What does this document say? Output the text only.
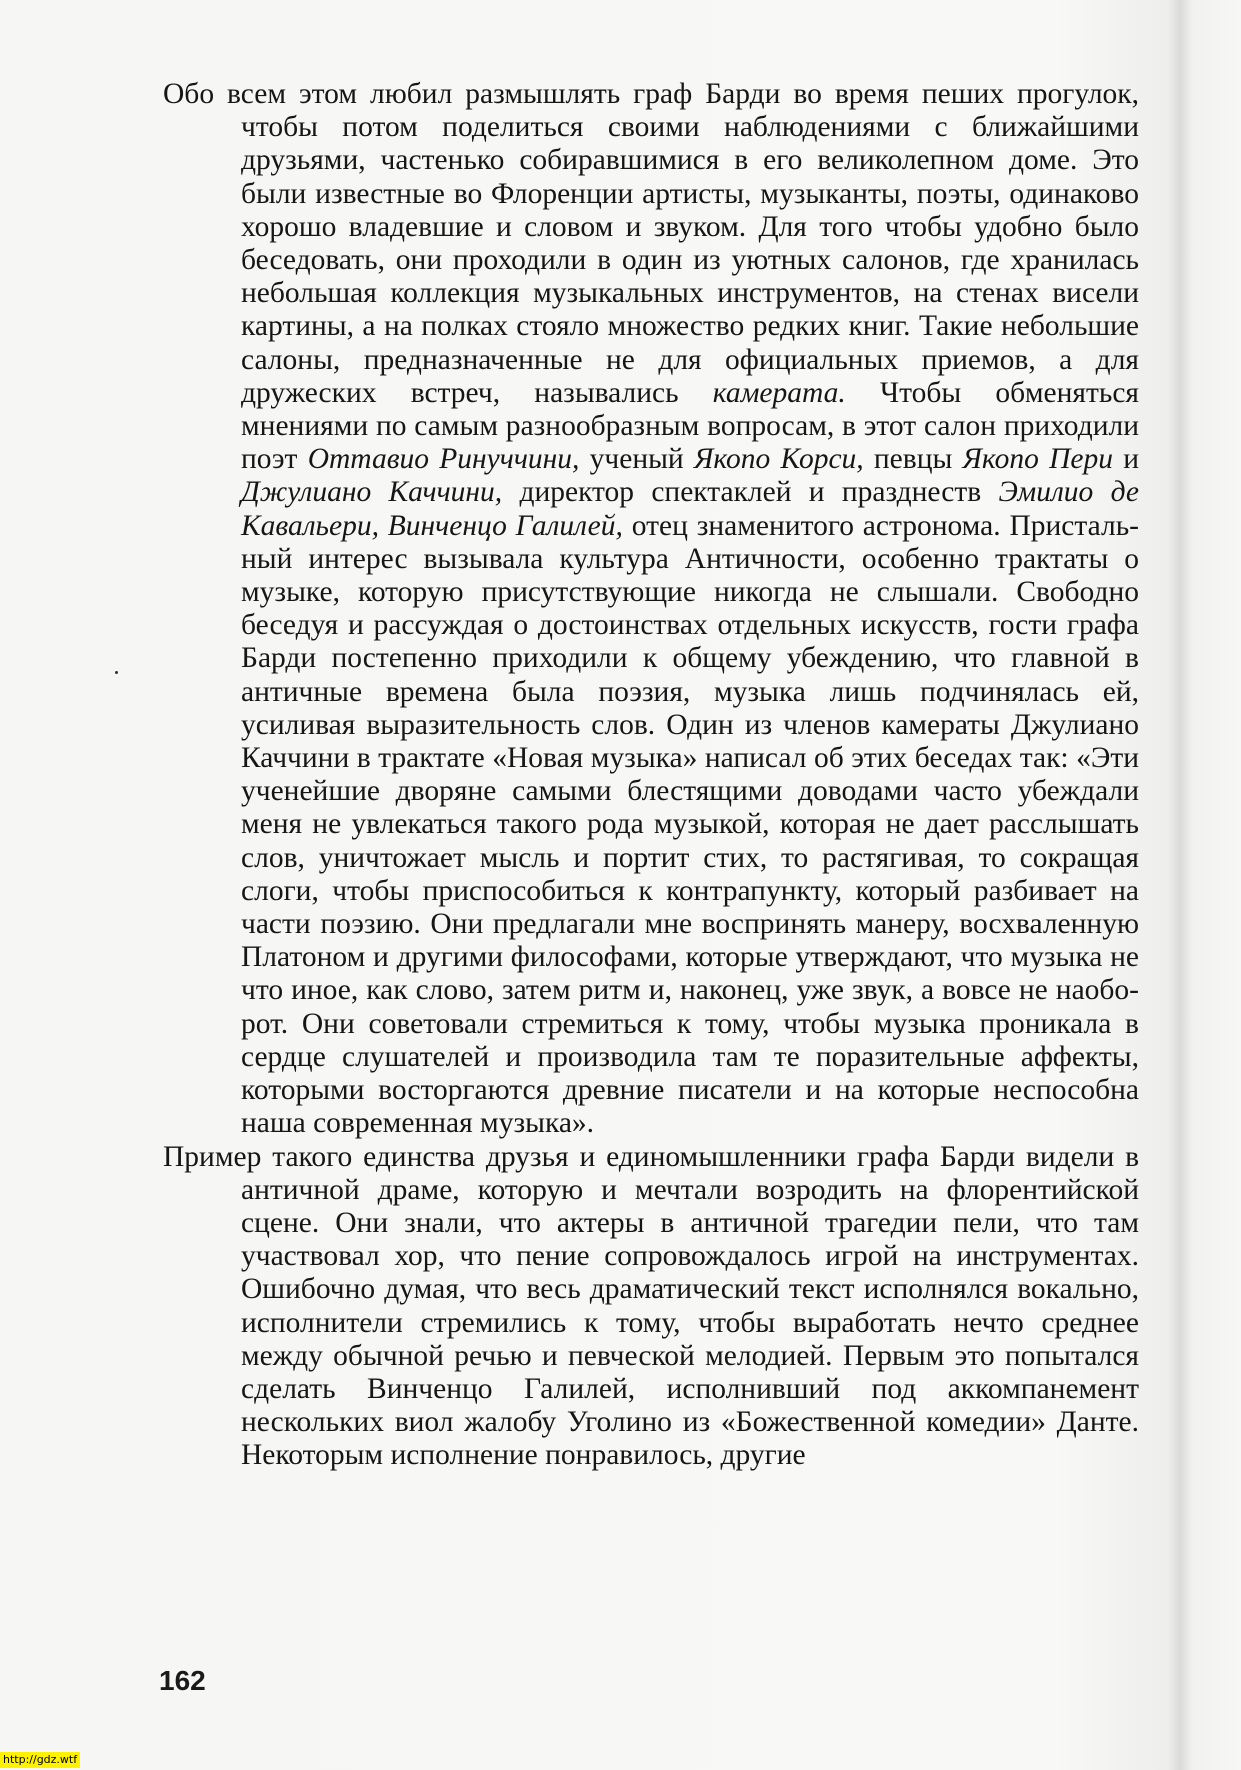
Обо всем этом любил размышлять граф Барди во время пеших прогулок, чтобы потом поделиться своими наблюдениями с ближайшими друзьями, частенько собиравшимися в его великолепном доме. Это были известные во Флоренции артисты, музыканты, поэты, одинаково хорошо владевшие и словом и звуком. Для того чтобы удобно было беседовать, они проходили в один из уютных салонов, где хранилась небольшая коллекция музыкальных инструментов, на стенах висели картины, а на полках стояло множество редких книг. Такие небольшие салоны, предназначенные не для официальных приемов, а для дружеских встреч, назывались камерата. Чтобы обменяться мнениями по самым разнообразным вопросам, в этот салон приходили поэт Оттавио Ринуччини, ученый Якопо Корси, певцы Якопо Пери и Джулиано Каччини, директор спектаклей и празднеств Эмилио де Кавальери, Винченцо Галилей, отец знаменитого астронома. Пристальный интерес вызывала культура Античности, особенно трактаты о музыке, которую присутствующие никогда не слышали. Свободно беседуя и рассуждая о достоинствах отдельных искусств, гости графа Барди постепенно приходили к общему убеждению, что главной в античные времена была поэзия, музыка лишь подчинялась ей, усиливая выразительность слов. Один из членов камераты Джулиано Каччини в трактате «Новая музыка» написал об этих беседах так: «Эти ученейшие дворяне самыми блестящими доводами часто убеждали меня не увлекаться такого рода музыкой, которая не дает расслышать слов, уничтожает мысль и портит стих, то растягивая, то сокращая слоги, чтобы приспособиться к контрапункту, который разбивает на части поэзию. Они предлагали мне воспринять манеру, восхваленную Платоном и другими философами, которые утверждают, что музыка не что иное, как слово, затем ритм и, наконец, уже звук, а вовсе не наоборот. Они советовали стремиться к тому, чтобы музыка проникала в сердце слушателей и производила там те поразительные аффекты, которыми восторгаются древние писатели и на которые неспособна наша современная музыка».

Пример такого единства друзья и единомышленники графа Барди видели в античной драме, которую и мечтали возродить на флорентийской сцене. Они знали, что актеры в античной трагедии пели, что там участвовал хор, что пение сопровождалось игрой на инструментах. Ошибочно думая, что весь драматический текст исполнялся вокально, исполнители стремились к тому, чтобы выработать нечто среднее между обычной речью и певческой мелодией. Первым это попытался сделать Винченцо Галилей, исполнивший под аккомпанемент нескольких виол жалобу Уголино из «Божественной комедии» Данте. Некоторым исполнение понравилось, другие

162
http://gdz.wtf
